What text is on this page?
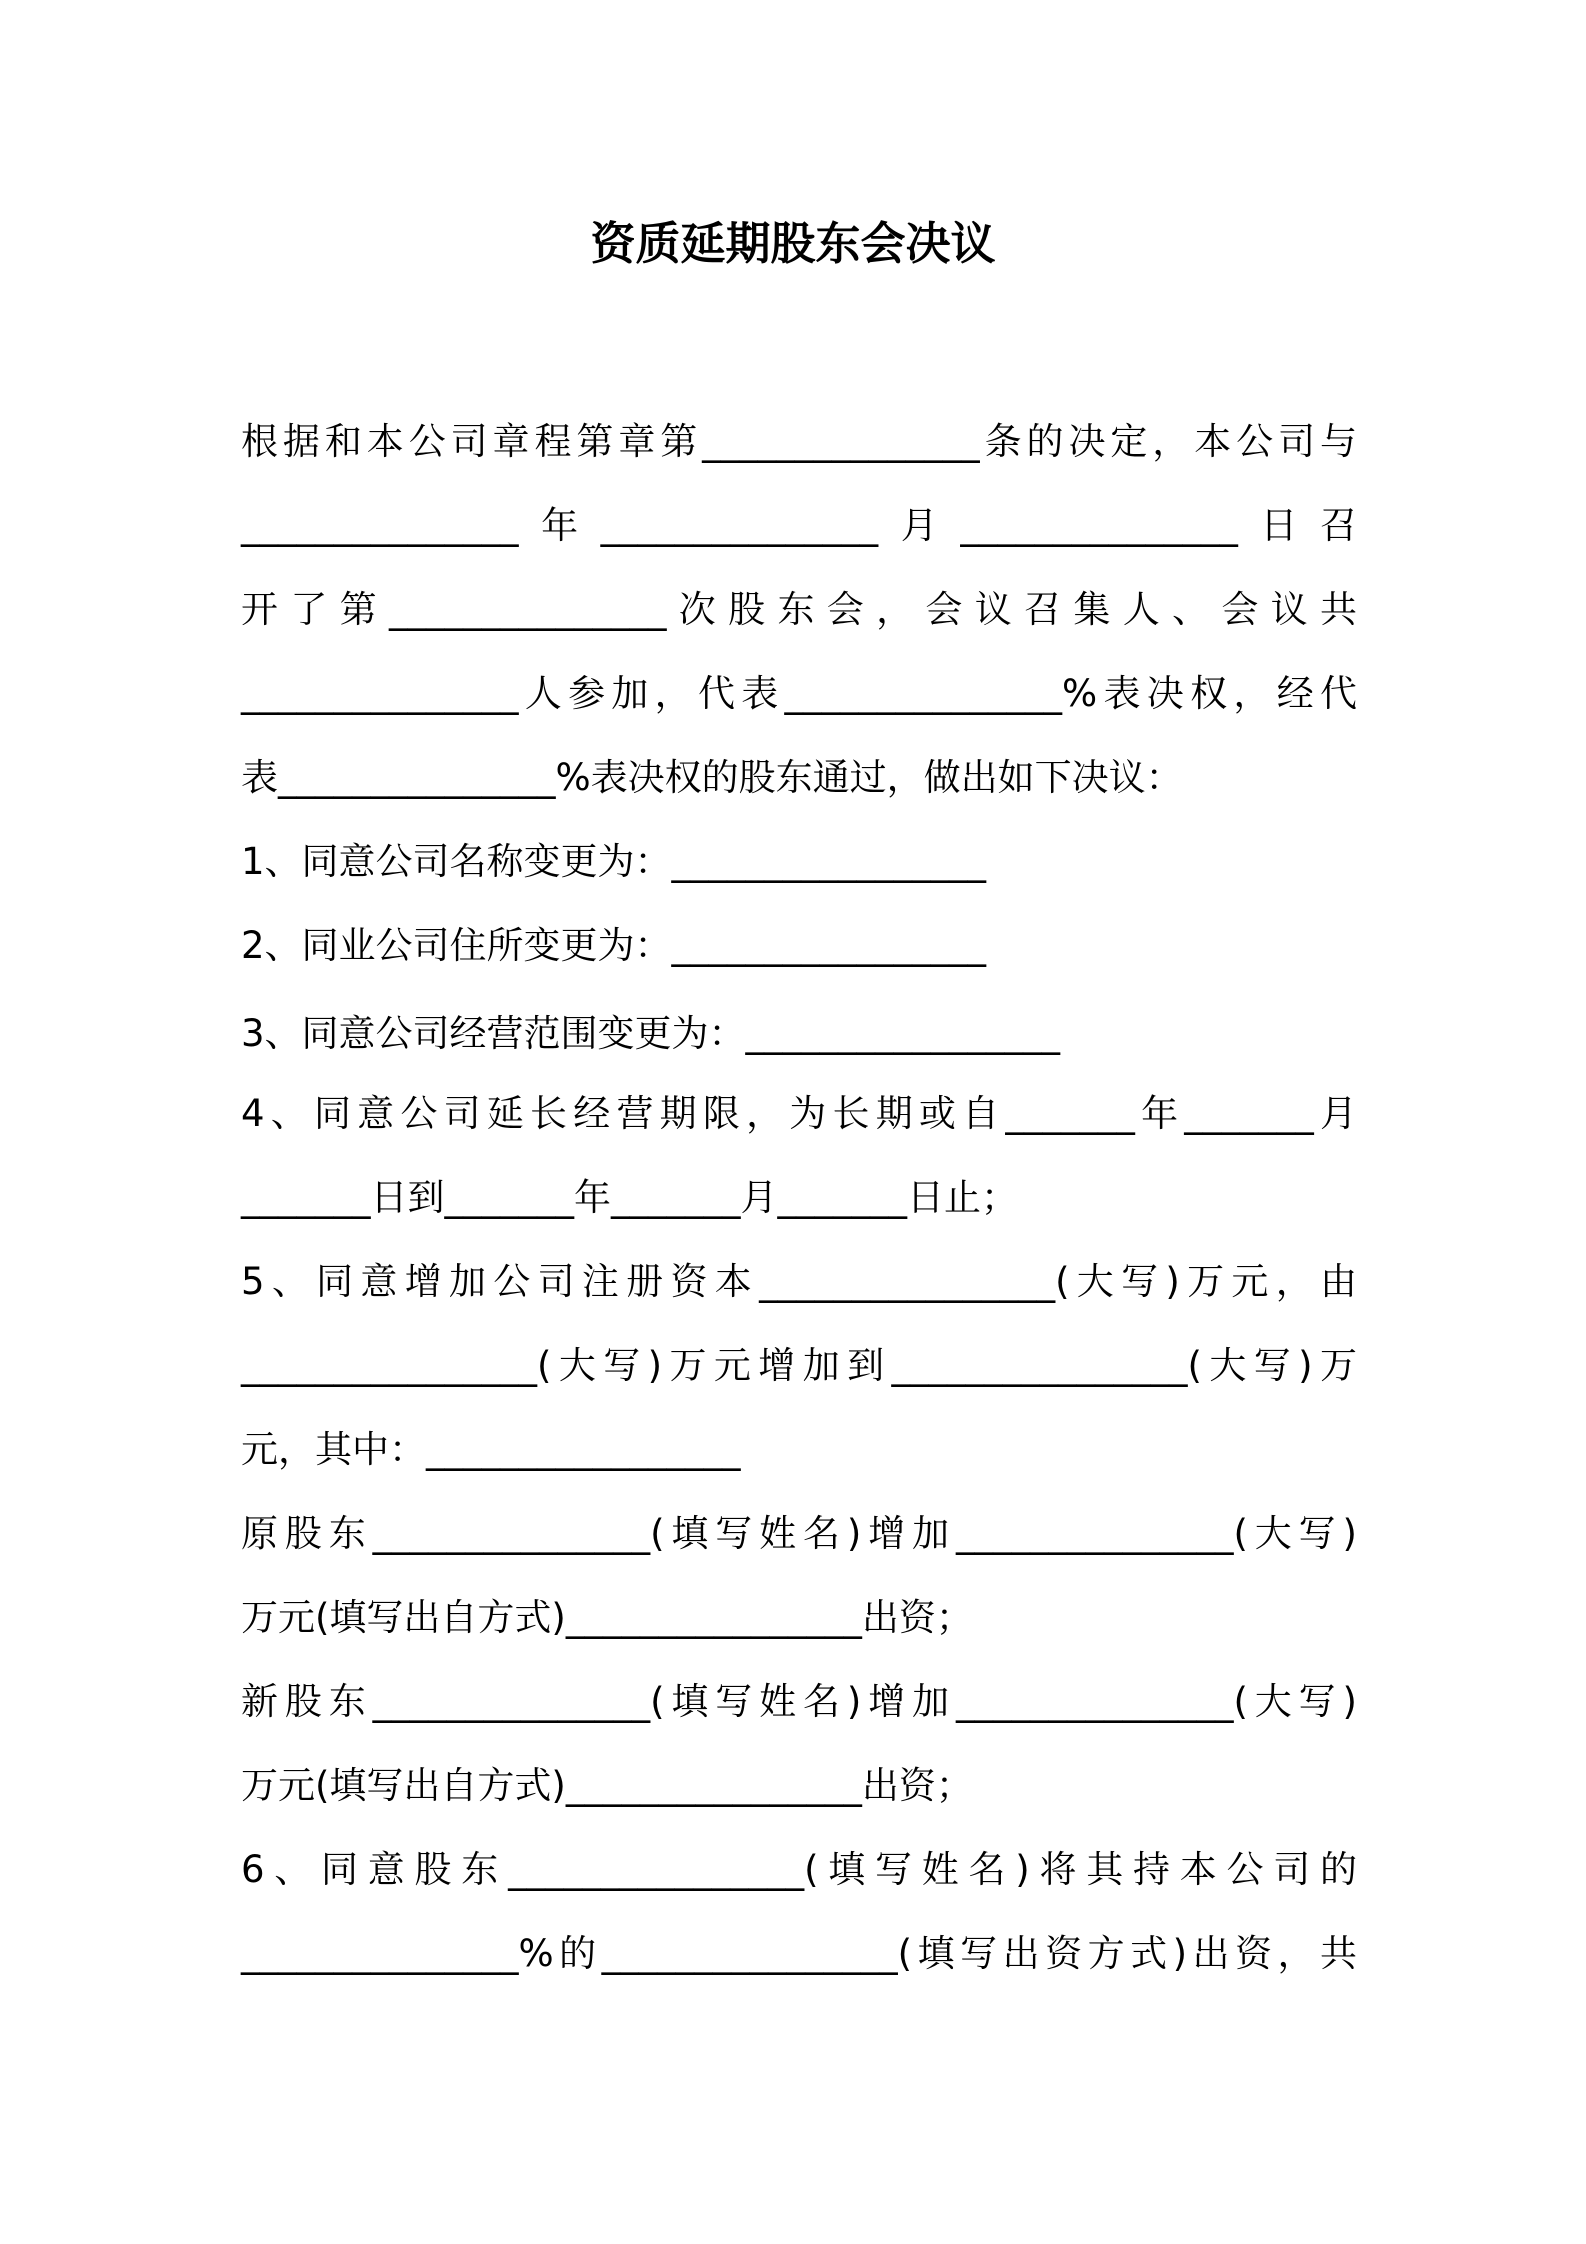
资质延期股东会决议
根据和本公司章程第章第_______________条的决定，本公司与
_______________年_______________月_______________日召
开了第_______________次股东会，会议召集人、会议共
_______________人参加，代表_______________%表决权，经代
表_______________%表决权的股东通过，做出如下决议：
1、同意公司名称变更为：_________________
2、同业公司住所变更为：_________________
3、同意公司经营范围变更为：_________________
4、同意公司延长经营期限，为长期或自_______年_______月
_______日到_______年_______月_______日止；
5、同意增加公司注册资本________________(大写)万元，由
________________(大写)万元增加到________________(大写)万
元，其中：_________________
原股东_______________(填写姓名)增加_______________(大写)
万元(填写出自方式)________________出资；
新股东_______________(填写姓名)增加_______________(大写)
万元(填写出自方式)________________出资；
6、同意股东________________(填写姓名)将其持本公司的
_______________%的________________(填写出资方式)出资，共
